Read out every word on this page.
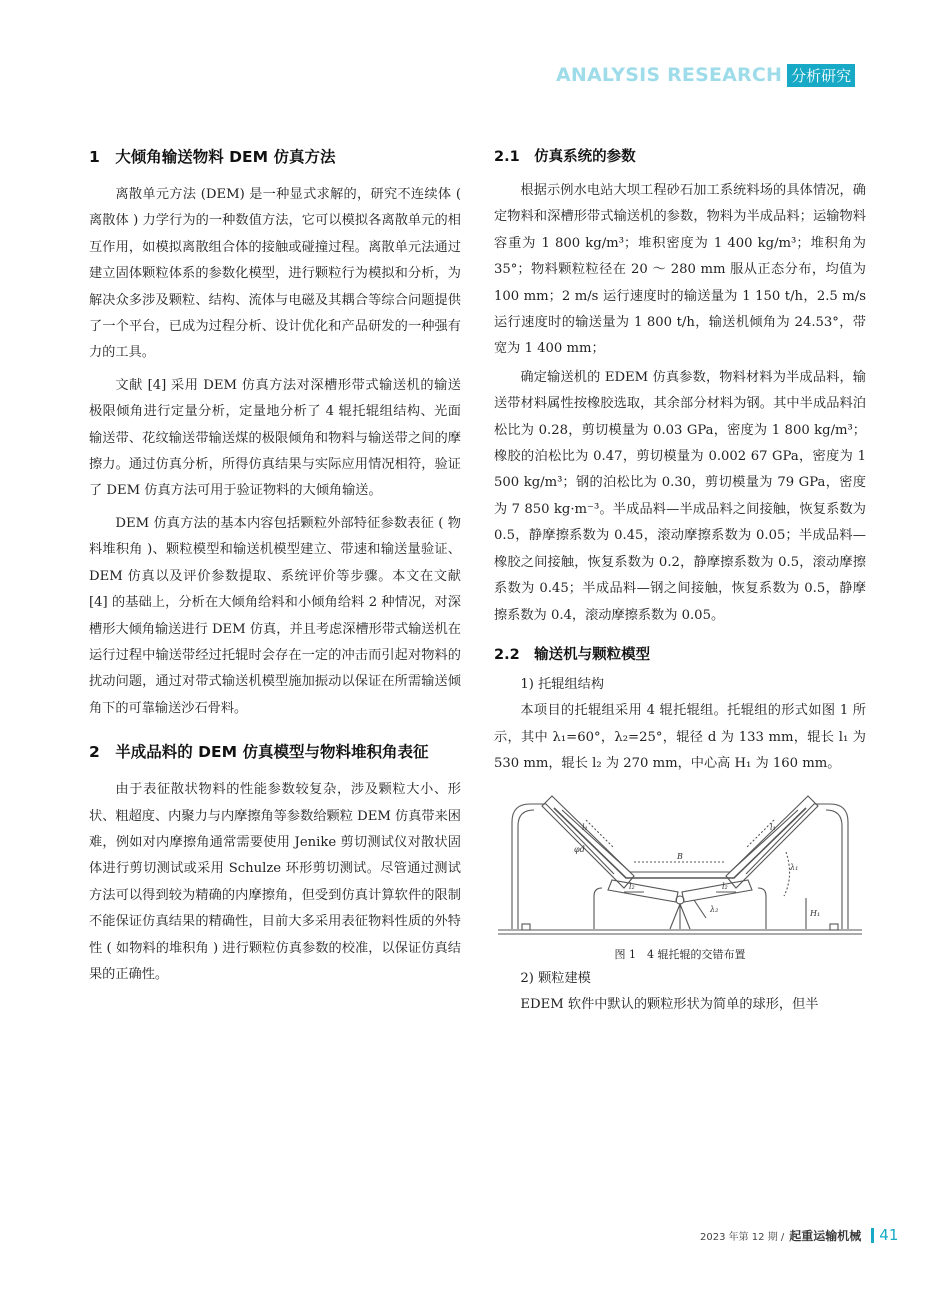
ANALYSIS RESEARCH 分析研究
1　大倾角输送物料 DEM 仿真方法

离散单元方法 (DEM) 是一种显式求解的，研究不连续体 ( 离散体 ) 力学行为的一种数值方法，它可以模拟各离散单元的相互作用，如模拟离散组合体的接触或碰撞过程。离散单元法通过建立固体颗粒体系的参数化模型，进行颗粒行为模拟和分析，为解决众多涉及颗粒、结构、流体与电磁及其耦合等综合问题提供了一个平台，已成为过程分析、设计优化和产品研发的一种强有力的工具。

文献 [4] 采用 DEM 仿真方法对深槽形带式输送机的输送极限倾角进行定量分析，定量地分析了 4 辊托辊组结构、光面输送带、花纹输送带输送煤的极限倾角和物料与输送带之间的摩擦力。通过仿真分析，所得仿真结果与实际应用情况相符，验证了 DEM 仿真方法可用于验证物料的大倾角输送。

DEM 仿真方法的基本内容包括颗粒外部特征参数表征 ( 物料堆积角 )、颗粒模型和输送机模型建立、带速和输送量验证、DEM 仿真以及评价参数提取、系统评价等步骤。本文在文献 [4] 的基础上，分析在大倾角给料和小倾角给料 2 种情况，对深槽形大倾角输送进行 DEM 仿真，并且考虑深槽形带式输送机在运行过程中输送带经过托辊时会存在一定的冲击而引起对物料的扰动问题，通过对带式输送机模型施加振动以保证在所需输送倾角下的可靠输送沙石骨料。

2　半成品料的 DEM 仿真模型与物料堆积角表征

由于表征散状物料的性能参数较复杂，涉及颗粒大小、形状、粗超度、内聚力与内摩擦角等参数给颗粒 DEM 仿真带来困难，例如对内摩擦角通常需要使用 Jenike 剪切测试仪对散状固体进行剪切测试或采用 Schulze 环形剪切测试。尽管通过测试方法可以得到较为精确的内摩擦角，但受到仿真计算软件的限制不能保证仿真结果的精确性，目前大多采用表征物料性质的外特性 ( 如物料的堆积角 ) 进行颗粒仿真参数的校准，以保证仿真结果的正确性。

2.1　仿真系统的参数

根据示例水电站大坝工程砂石加工系统料场的具体情况，确定物料和深槽形带式输送机的参数，物料为半成品料；运输物料容重为 1 800 kg/m³；堆积密度为 1 400 kg/m³；堆积角为 35°；物料颗粒粒径在 20 ～ 280 mm 服从正态分布，均值为 100 mm；2 m/s 运行速度时的输送量为 1 150 t/h，2.5 m/s 运行速度时的输送量为 1 800 t/h，输送机倾角为 24.53°，带宽为 1 400 mm；

确定输送机的 EDEM 仿真参数，物料材料为半成品料，输送带材料属性按橡胶选取，其余部分材料为钢。其中半成品料泊松比为 0.28，剪切模量为 0.03 GPa，密度为 1 800 kg/m³；橡胶的泊松比为 0.47，剪切模量为 0.002 67 GPa，密度为 1 500 kg/m³；钢的泊松比为 0.30，剪切模量为 79 GPa，密度为 7 850 kg·m⁻³。半成品料—半成品料之间接触，恢复系数为 0.5，静摩擦系数为 0.45，滚动摩擦系数为 0.05；半成品料—橡胶之间接触，恢复系数为 0.2，静摩擦系数为 0.5，滚动摩擦系数为 0.45；半成品料—钢之间接触，恢复系数为 0.5，静摩擦系数为 0.4，滚动摩擦系数为 0.05。

2.2　输送机与颗粒模型

1) 托辊组结构

本项目的托辊组采用 4 辊托辊组。托辊组的形式如图 1 所示，其中 λ₁=60°，λ₂=25°，辊径 d 为 133 mm，辊长 l₁ 为 530 mm，辊长 l₂ 为 270 mm，中心高 H₁ 为 160 mm。

B
l₁	l₁
l₂	l₂
φd
H₁
λ₁
λ₂
图 1　4 辊托辊的交错布置

2) 颗粒建模

EDEM 软件中默认的颗粒形状为简单的球形，但半

2023 年第 12 期 / 起重运输机械 41
